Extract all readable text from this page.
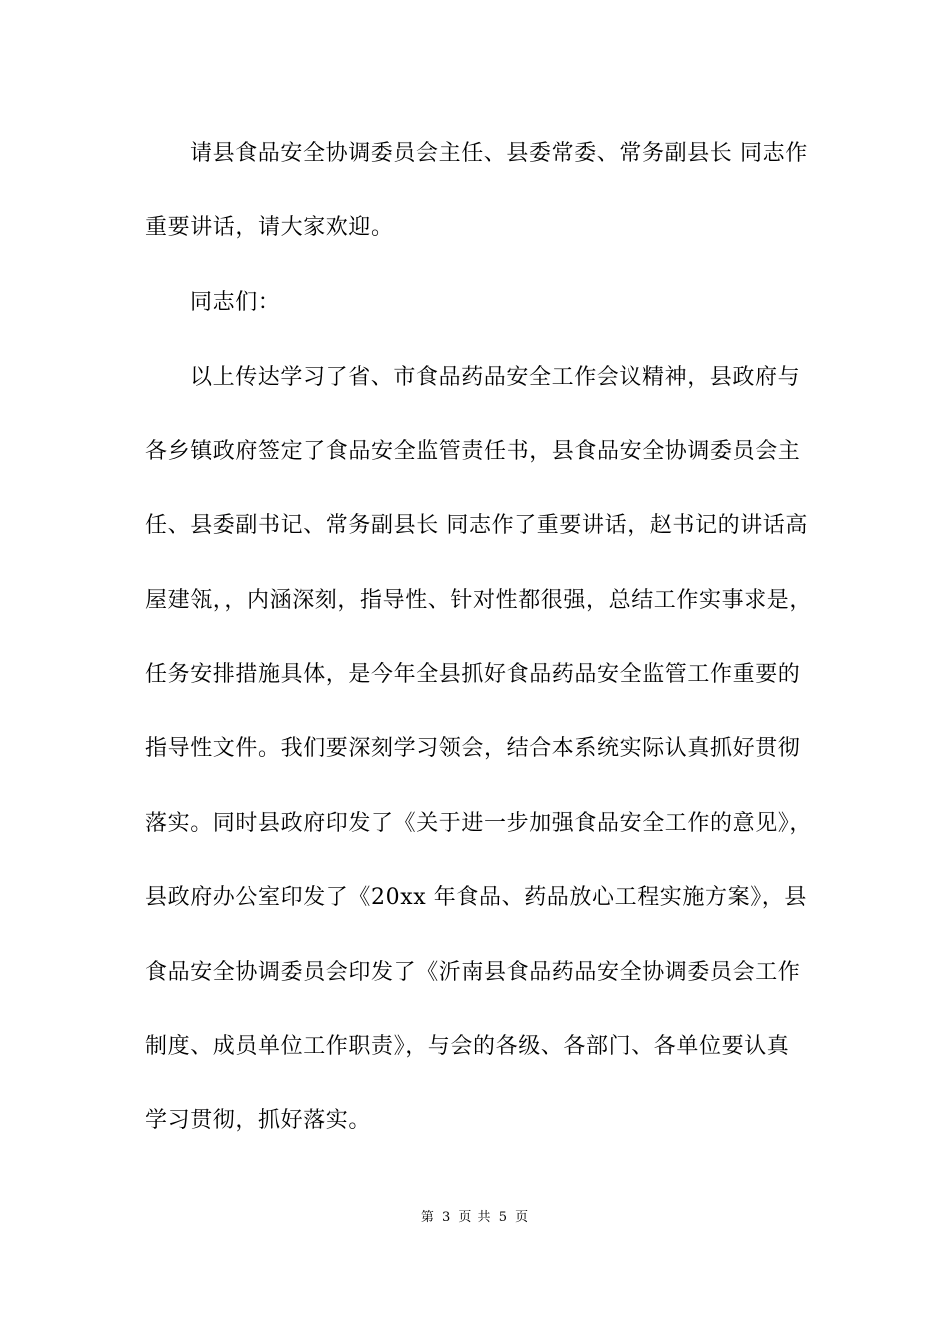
请县食品安全协调委员会主任、县委常委、常务副县长 同志作
重要讲话，请大家欢迎。
同志们：
以上传达学习了省、市食品药品安全工作会议精神，县政府与
各乡镇政府签定了食品安全监管责任书，县食品安全协调委员会主
任、县委副书记、常务副县长 同志作了重要讲话，赵书记的讲话高
屋建瓴，，内涵深刻，指导性、针对性都很强，总结工作实事求是，
任务安排措施具体，是今年全县抓好食品药品安全监管工作重要的
指导性文件。我们要深刻学习领会，结合本系统实际认真抓好贯彻
落实。同时县政府印发了《关于进一步加强食品安全工作的意见》，
县政府办公室印发了《20xx 年食品、药品放心工程实施方案》，县
食品安全协调委员会印发了《沂南县食品药品安全协调委员会工作
制度、成员单位工作职责》，与会的各级、各部门、各单位要认真
学习贯彻，抓好落实。
第 3 页 共 5 页
